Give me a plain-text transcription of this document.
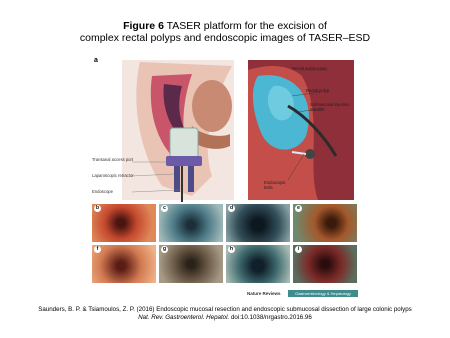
Figure 6 TASER platform for the excision of
complex rectal polyps and endoscopic images of TASER–ESD
a
Transanal access port
Laparoscopic retractor
Endoscope
Rectal submucosa
Rectal polyp
Submucosal injection solution
Endoscopic knife
b	c	d	e
f	g	h	i
Nature Reviews	Gastroenterology & Hepatology
Saunders, B. P. & Tsiamoulos, Z. P. (2016) Endoscopic mucosal resection and endoscopic submucosal dissection of large colonic polyps
Nat. Rev. Gastroenterol. Hepatol. doi:10.1038/nrgastro.2016.96
